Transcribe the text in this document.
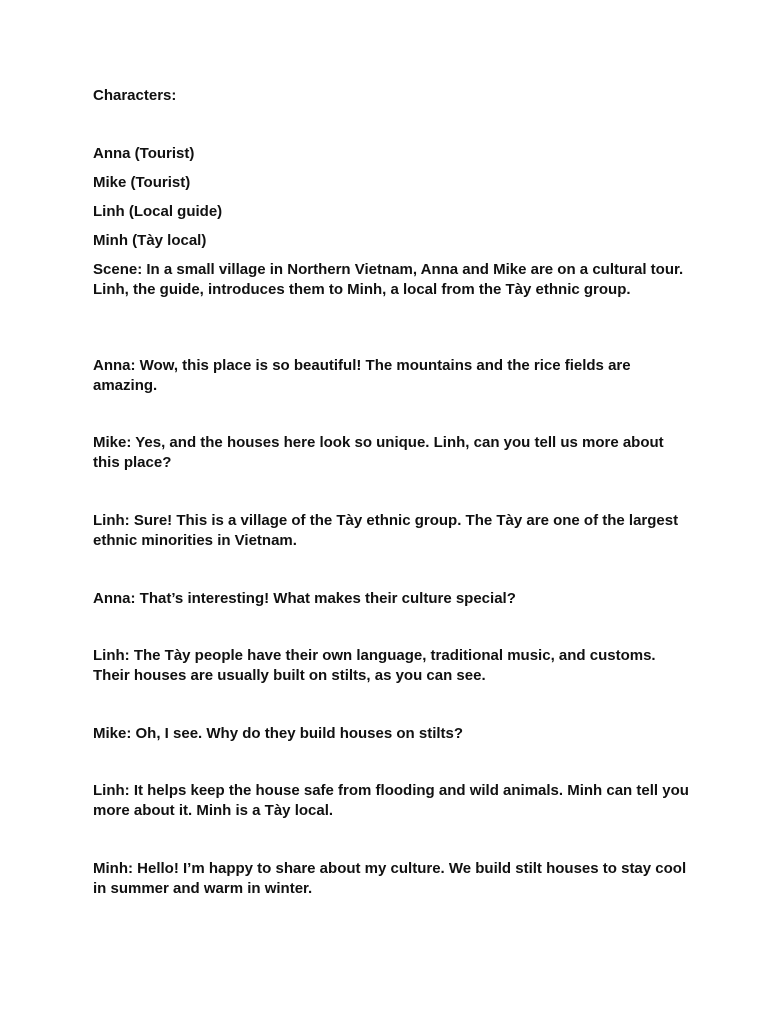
Characters:

Anna (Tourist)

Mike (Tourist)

Linh (Local guide)

Minh (Tày local)

Scene: In a small village in Northern Vietnam, Anna and Mike are on a cultural tour. Linh, the guide, introduces them to Minh, a local from the Tày ethnic group.

Anna: Wow, this place is so beautiful! The mountains and the rice fields are amazing.

Mike: Yes, and the houses here look so unique. Linh, can you tell us more about this place?

Linh: Sure! This is a village of the Tày ethnic group. The Tày are one of the largest ethnic minorities in Vietnam.

Anna: That’s interesting! What makes their culture special?

Linh: The Tày people have their own language, traditional music, and customs. Their houses are usually built on stilts, as you can see.

Mike: Oh, I see. Why do they build houses on stilts?

Linh: It helps keep the house safe from flooding and wild animals. Minh can tell you more about it. Minh is a Tày local.

Minh: Hello! I’m happy to share about my culture. We build stilt houses to stay cool in summer and warm in winter.
